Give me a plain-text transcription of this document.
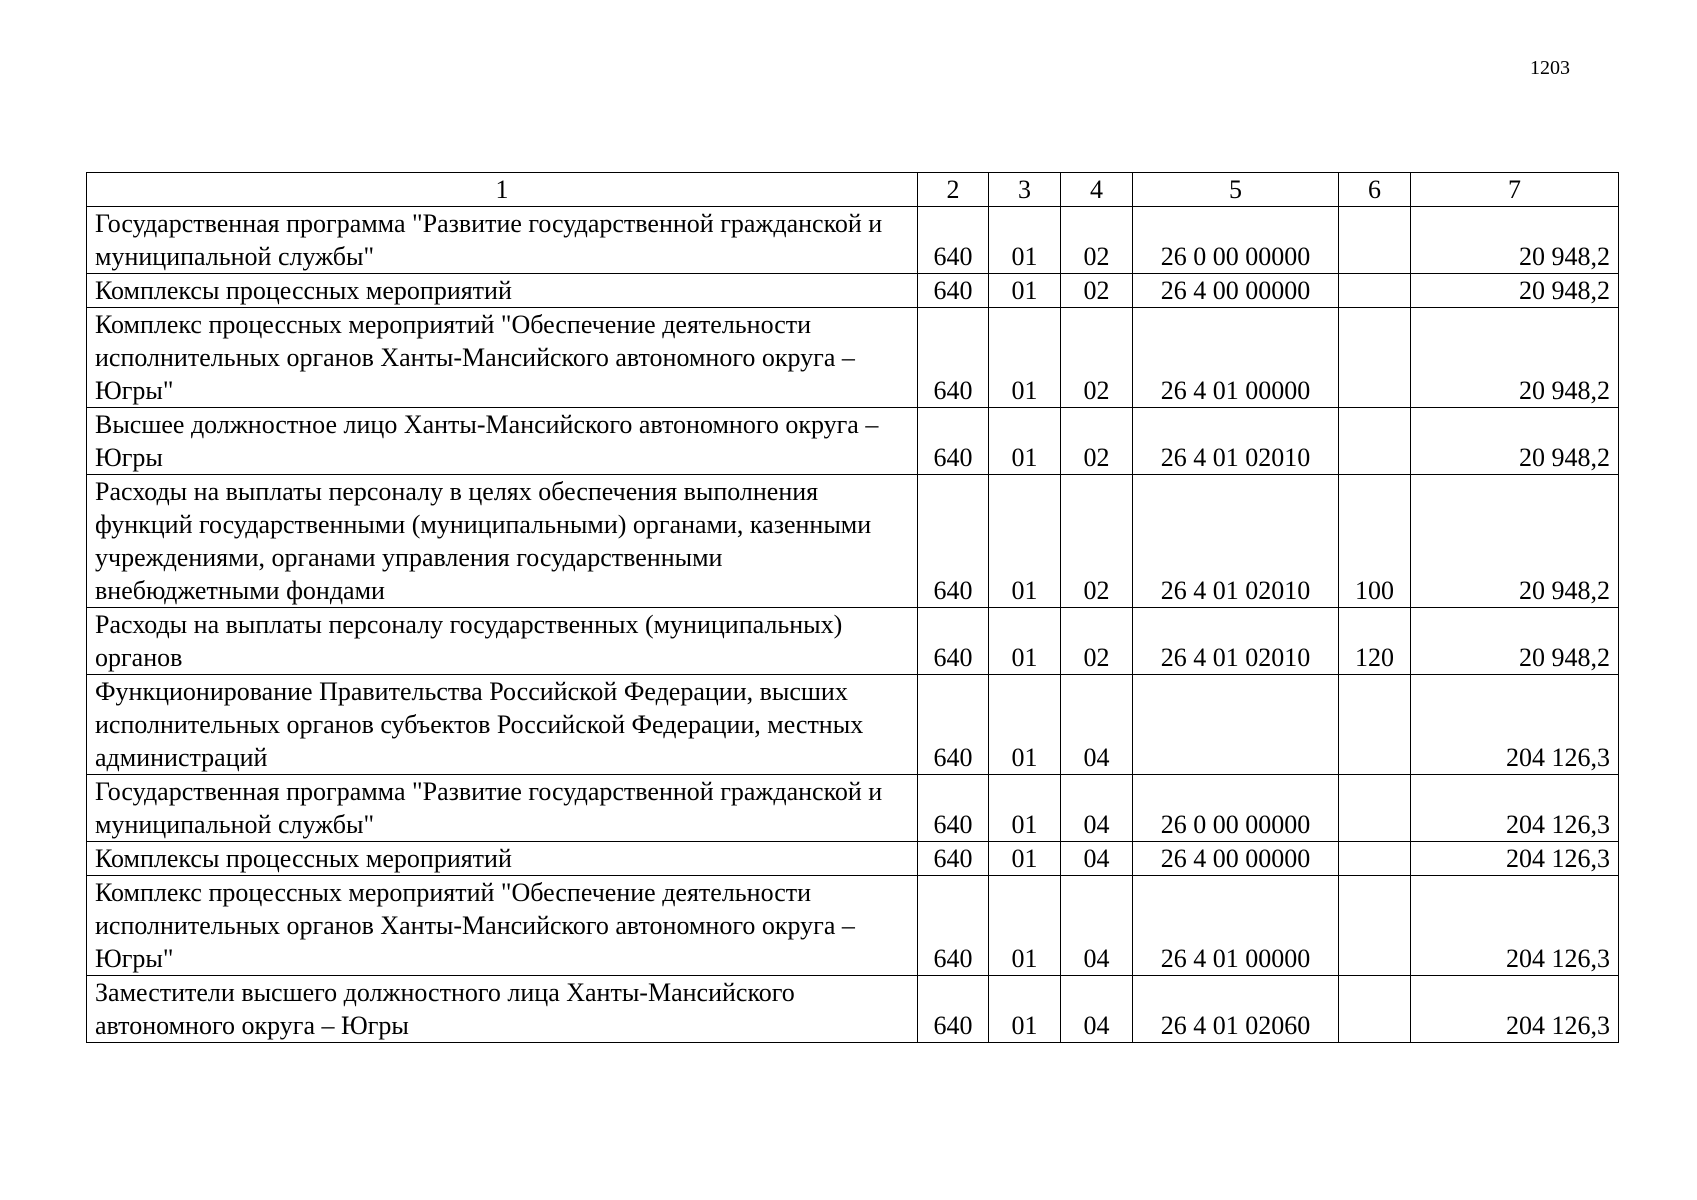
1203
1	2	3	4	5	6	7
Государственная программа "Развитие государственной гражданской и муниципальной службы"	640	01	02	26 0 00 00000		20 948,2
Комплексы процессных мероприятий	640	01	02	26 4 00 00000		20 948,2
Комплекс процессных мероприятий "Обеспечение деятельности исполнительных органов Ханты-Мансийского автономного округа – Югры"	640	01	02	26 4 01 00000		20 948,2
Высшее должностное лицо Ханты-Мансийского автономного округа – Югры	640	01	02	26 4 01 02010		20 948,2
Расходы на выплаты персоналу в целях обеспечения выполнения функций государственными (муниципальными) органами, казенными учреждениями, органами управления государственными внебюджетными фондами	640	01	02	26 4 01 02010	100	20 948,2
Расходы на выплаты персоналу государственных (муниципальных) органов	640	01	02	26 4 01 02010	120	20 948,2
Функционирование Правительства Российской Федерации, высших исполнительных органов субъектов Российской Федерации, местных администраций	640	01	04			204 126,3
Государственная программа "Развитие государственной гражданской и муниципальной службы"	640	01	04	26 0 00 00000		204 126,3
Комплексы процессных мероприятий	640	01	04	26 4 00 00000		204 126,3
Комплекс процессных мероприятий "Обеспечение деятельности исполнительных органов Ханты-Мансийского автономного округа – Югры"	640	01	04	26 4 01 00000		204 126,3
Заместители высшего должностного лица Ханты-Мансийского автономного округа – Югры	640	01	04	26 4 01 02060		204 126,3
